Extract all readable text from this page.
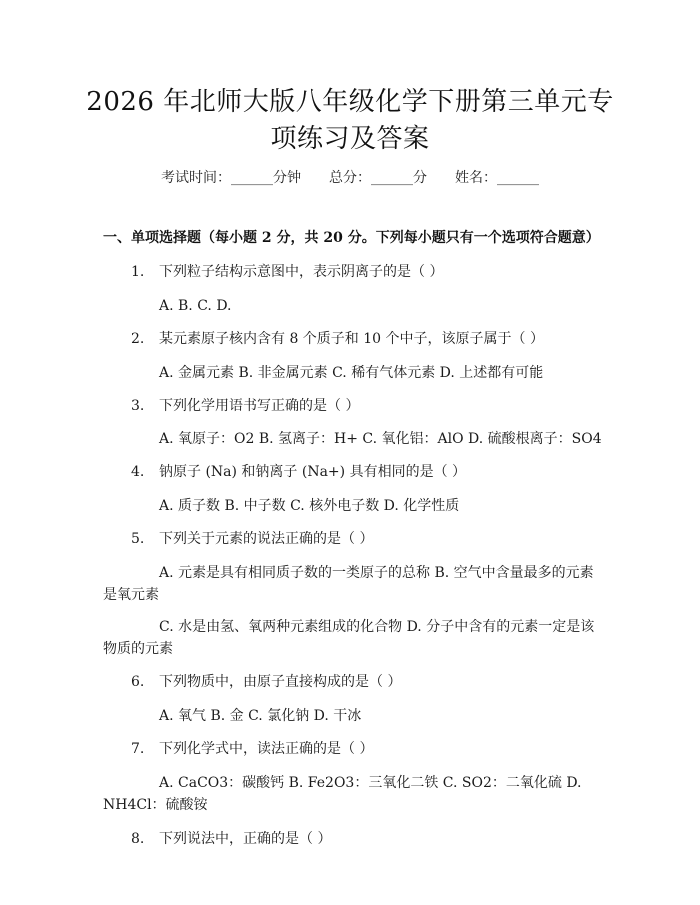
2026 年北师大版八年级化学下册第三单元专
项练习及答案
考试时间：______分钟 总分：______分 姓名：______
一、单项选择题（每小题 2 分，共 20 分。下列每小题只有一个选项符合题意）
1. 下列粒子结构示意图中，表示阴离子的是（ ）
A. B. C. D.
2. 某元素原子核内含有 8 个质子和 10 个中子，该原子属于（ ）
A. 金属元素 B. 非金属元素 C. 稀有气体元素 D. 上述都有可能
3. 下列化学用语书写正确的是（ ）
A. 氧原子：O2 B. 氢离子：H+ C. 氧化铝：AlO D. 硫酸根离子：SO4
4. 钠原子 (Na) 和钠离子 (Na+) 具有相同的是（ ）
A. 质子数 B. 中子数 C. 核外电子数 D. 化学性质
5. 下列关于元素的说法正确的是（ ）
A. 元素是具有相同质子数的一类原子的总称 B. 空气中含量最多的元素
是氧元素
C. 水是由氢、氧两种元素组成的化合物 D. 分子中含有的元素一定是该
物质的元素
6. 下列物质中，由原子直接构成的是（ ）
A. 氧气 B. 金 C. 氯化钠 D. 干冰
7. 下列化学式中，读法正确的是（ ）
A. CaCO3：碳酸钙 B. Fe2O3：三氧化二铁 C. SO2：二氧化硫 D.
NH4Cl：硫酸铵
8. 下列说法中，正确的是（ ）
